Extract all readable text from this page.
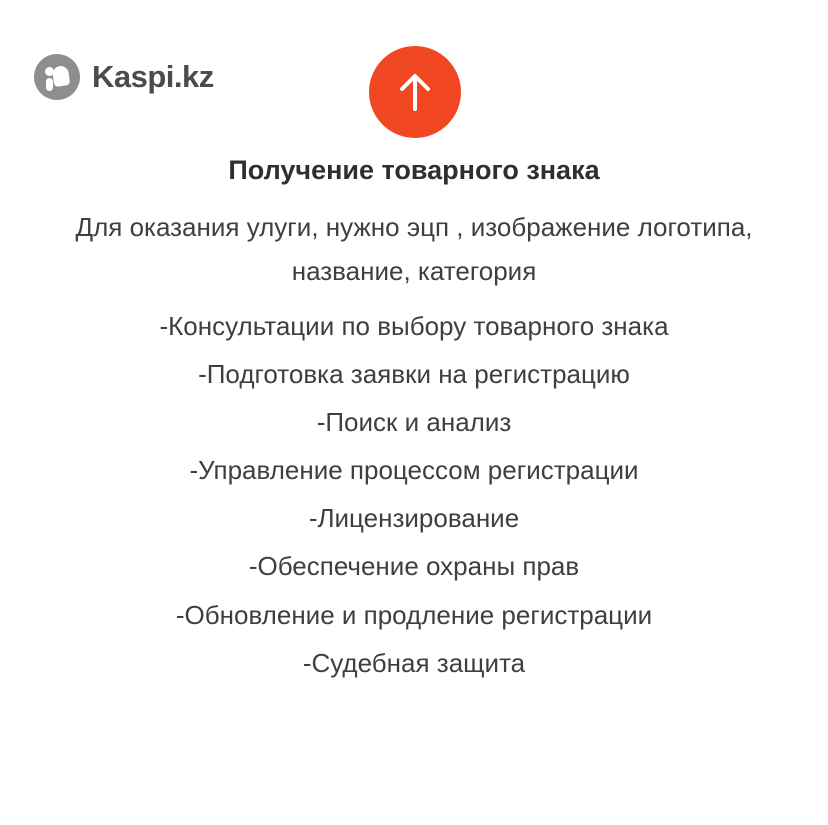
Kaspi.kz
Получение товарного знака

Для оказания улуги, нужно эцп , изображение логотипа, название, категория

-Консультации по выбору товарного знака
-Подготовка заявки на регистрацию
-Поиск и анализ
-Управление процессом регистрации
-Лицензирование
-Обеспечение охраны прав
-Обновление и продление регистрации
-Судебная защита
